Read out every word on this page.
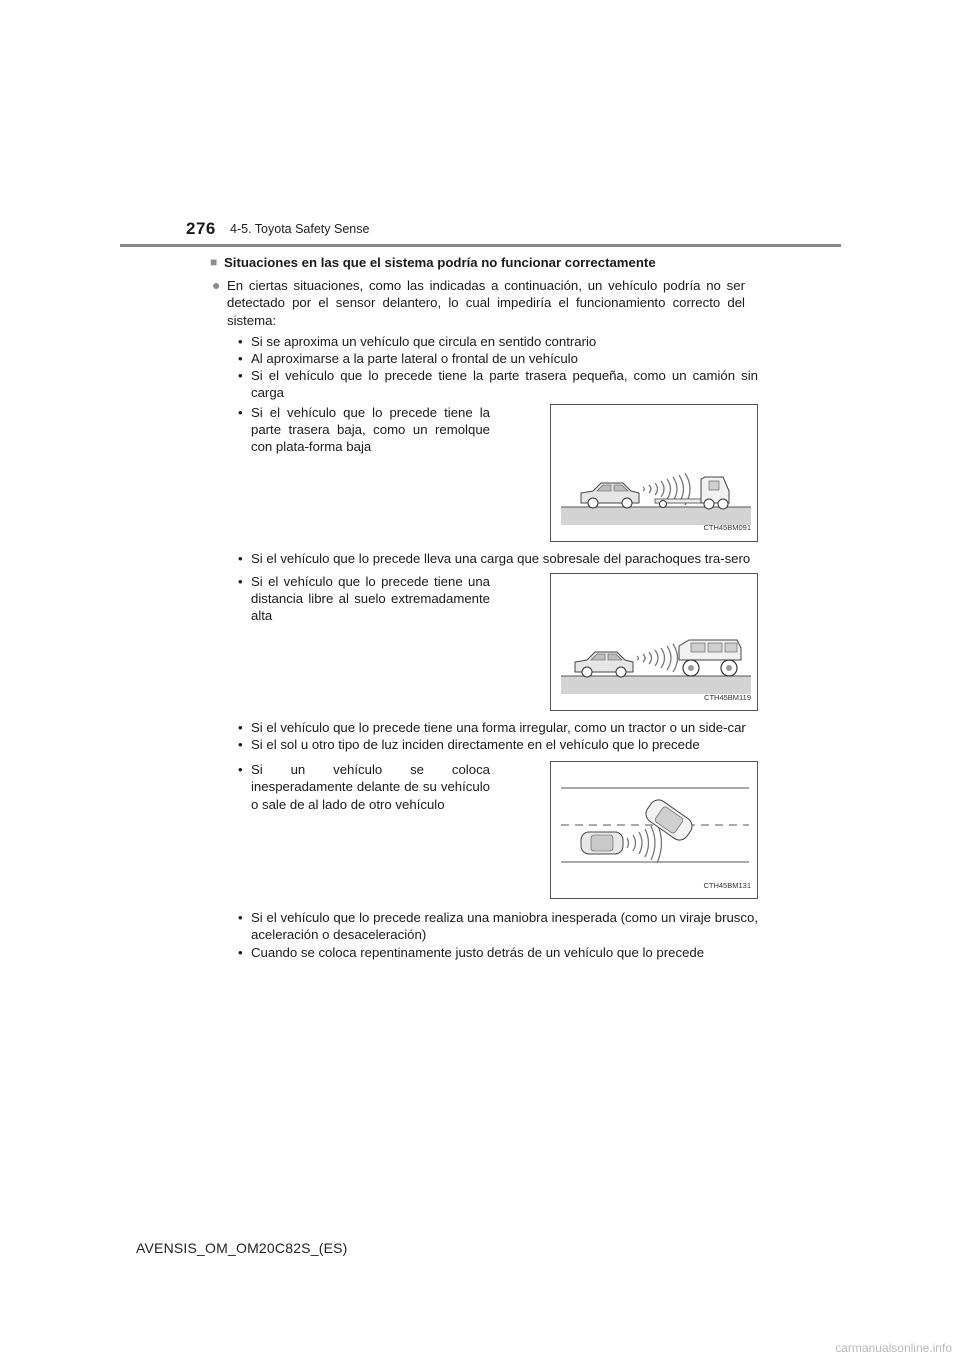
276 4-5. Toyota Safety Sense
■ Situaciones en las que el sistema podría no funcionar correctamente
● En ciertas situaciones, como las indicadas a continuación, un vehículo podría no ser detectado por el sensor delantero, lo cual impediría el funcionamiento correcto del sistema:
• Si se aproxima un vehículo que circula en sentido contrario
• Al aproximarse a la parte lateral o frontal de un vehículo
• Si el vehículo que lo precede tiene la parte trasera pequeña, como un camión sin carga
• Si el vehículo que lo precede tiene la parte trasera baja, como un remolque con plata-forma baja
CTH45BM091
• Si el vehículo que lo precede lleva una carga que sobresale del parachoques tra-sero
• Si el vehículo que lo precede tiene una distancia libre al suelo extremadamente alta
CTH45BM119
• Si el vehículo que lo precede tiene una forma irregular, como un tractor o un side-car
• Si el sol u otro tipo de luz inciden directamente en el vehículo que lo precede
• Si un vehículo se coloca inesperadamente delante de su vehículo o sale de al lado de otro vehículo
CTH45BM131
• Si el vehículo que lo precede realiza una maniobra inesperada (como un viraje brusco, aceleración o desaceleración)
• Cuando se coloca repentinamente justo detrás de un vehículo que lo precede
AVENSIS_OM_OM20C82S_(ES)
carmanualsonline.info
